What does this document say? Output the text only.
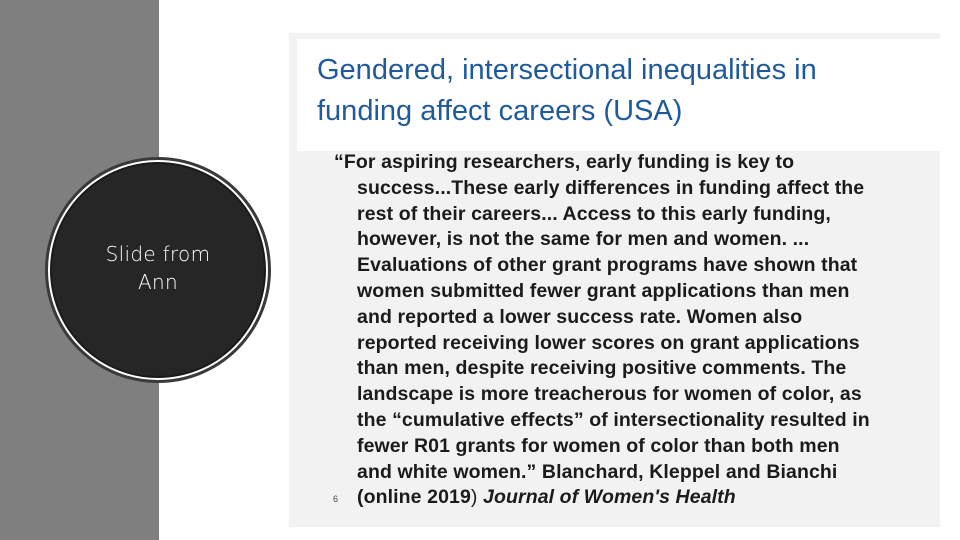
Slide from
Ann
Gendered, intersectional inequalities in
funding affect careers (USA)
“For aspiring researchers, early funding is key to
success...These early differences in funding affect the
rest of their careers... Access to this early funding,
however, is not the same for men and women. ...
Evaluations of other grant programs have shown that
women submitted fewer grant applications than men
and reported a lower success rate. Women also
reported receiving lower scores on grant applications
than men, despite receiving positive comments. The
landscape is more treacherous for women of color, as
the “cumulative effects” of intersectionality resulted in
fewer R01 grants for women of color than both men
and white women.” Blanchard, Kleppel and Bianchi
(online 2019) Journal of Women's Health
6
